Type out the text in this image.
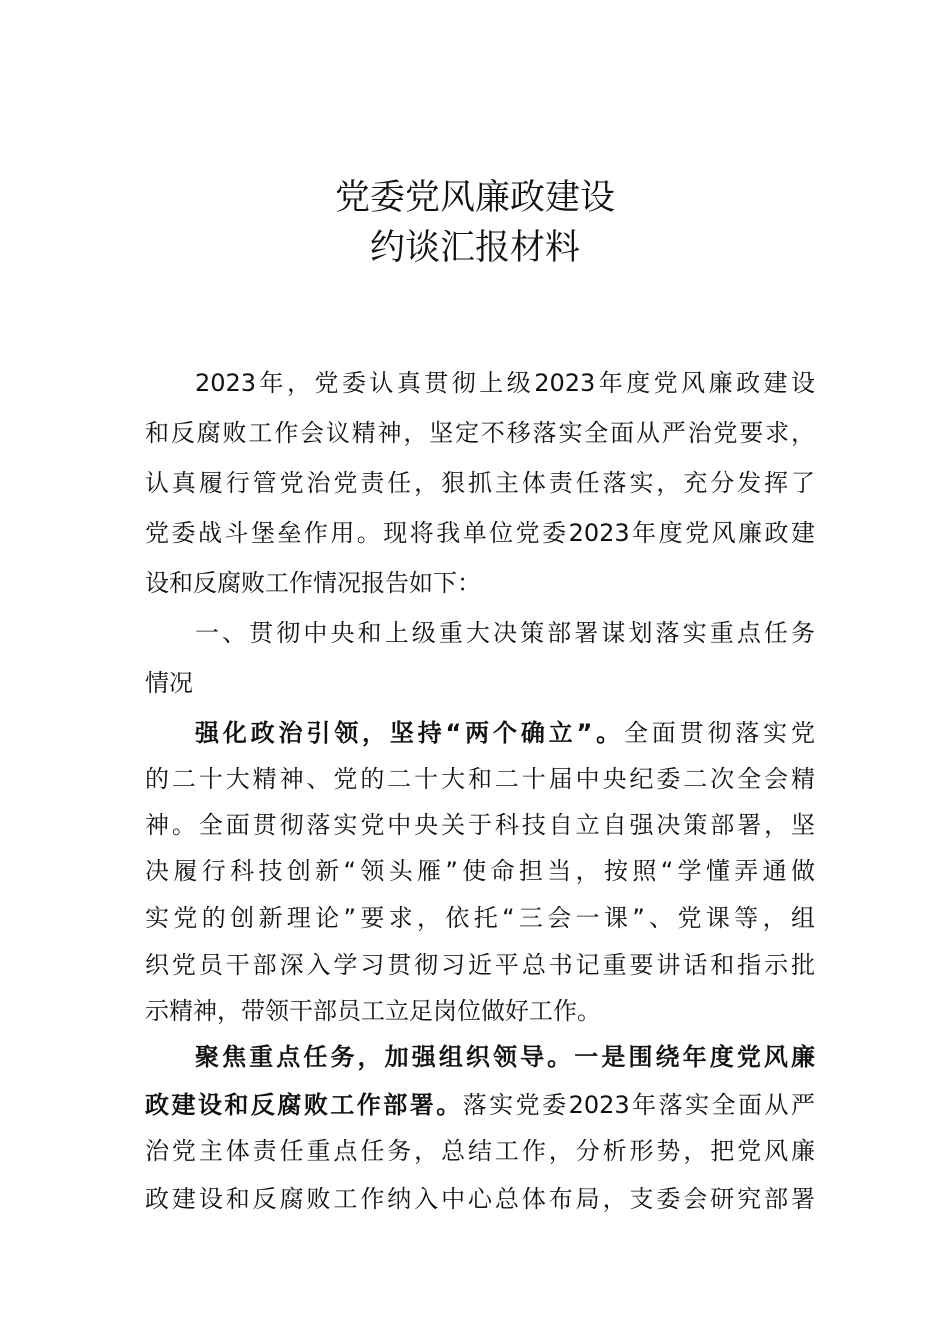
党委党风廉政建设
约谈汇报材料
2023年，党委认真贯彻上级2023年度党风廉政建设
和反腐败工作会议精神，坚定不移落实全面从严治党要求，
认真履行管党治党责任，狠抓主体责任落实，充分发挥了
党委战斗堡垒作用。现将我单位党委2023年度党风廉政建
设和反腐败工作情况报告如下：
一、贯彻中央和上级重大决策部署谋划落实重点任务
情况
强化政治引领，坚持“两个确立”。全面贯彻落实党
的二十大精神、党的二十大和二十届中央纪委二次全会精
神。全面贯彻落实党中央关于科技自立自强决策部署，坚
决履行科技创新“领头雁”使命担当，按照“学懂弄通做
实党的创新理论”要求，依托“三会一课”、党课等，组
织党员干部深入学习贯彻习近平总书记重要讲话和指示批
示精神，带领干部员工立足岗位做好工作。
聚焦重点任务，加强组织领导。一是围绕年度党风廉
政建设和反腐败工作部署。落实党委2023年落实全面从严
治党主体责任重点任务，总结工作，分析形势，把党风廉
政建设和反腐败工作纳入中心总体布局，支委会研究部署
